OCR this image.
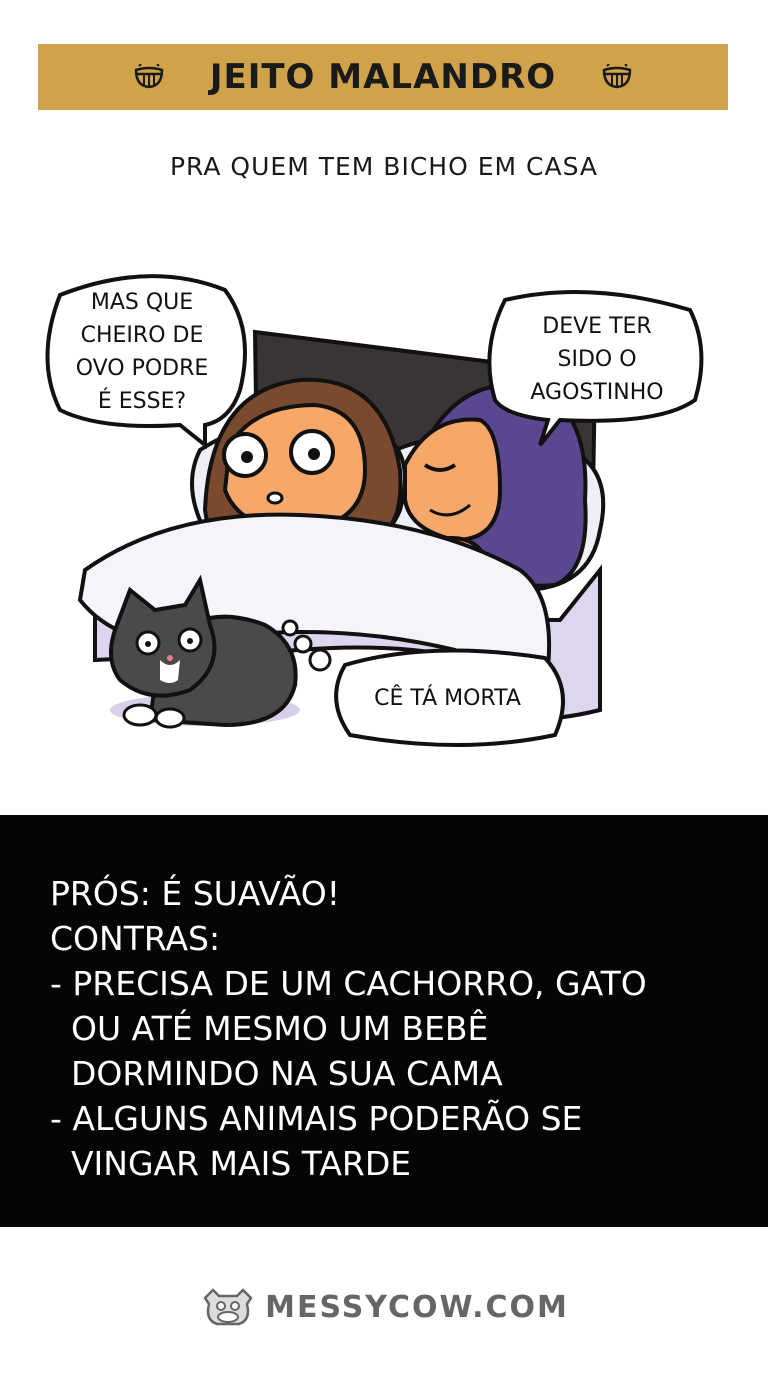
JEITO MALANDRO
PRA QUEM TEM BICHO EM CASA
MAS QUE
CHEIRO DE
OVO PODRE
É ESSE?
DEVE TER
SIDO O
AGOSTINHO
CÊ TÁ MORTA
PRÓS: É SUAVÃO!
CONTRAS:
- PRECISA DE UM CACHORRO, GATO
OU ATÉ MESMO UM BEBÊ
DORMINDO NA SUA CAMA
- ALGUNS ANIMAIS PODERÃO SE
VINGAR MAIS TARDE
MESSYCOW.COM
